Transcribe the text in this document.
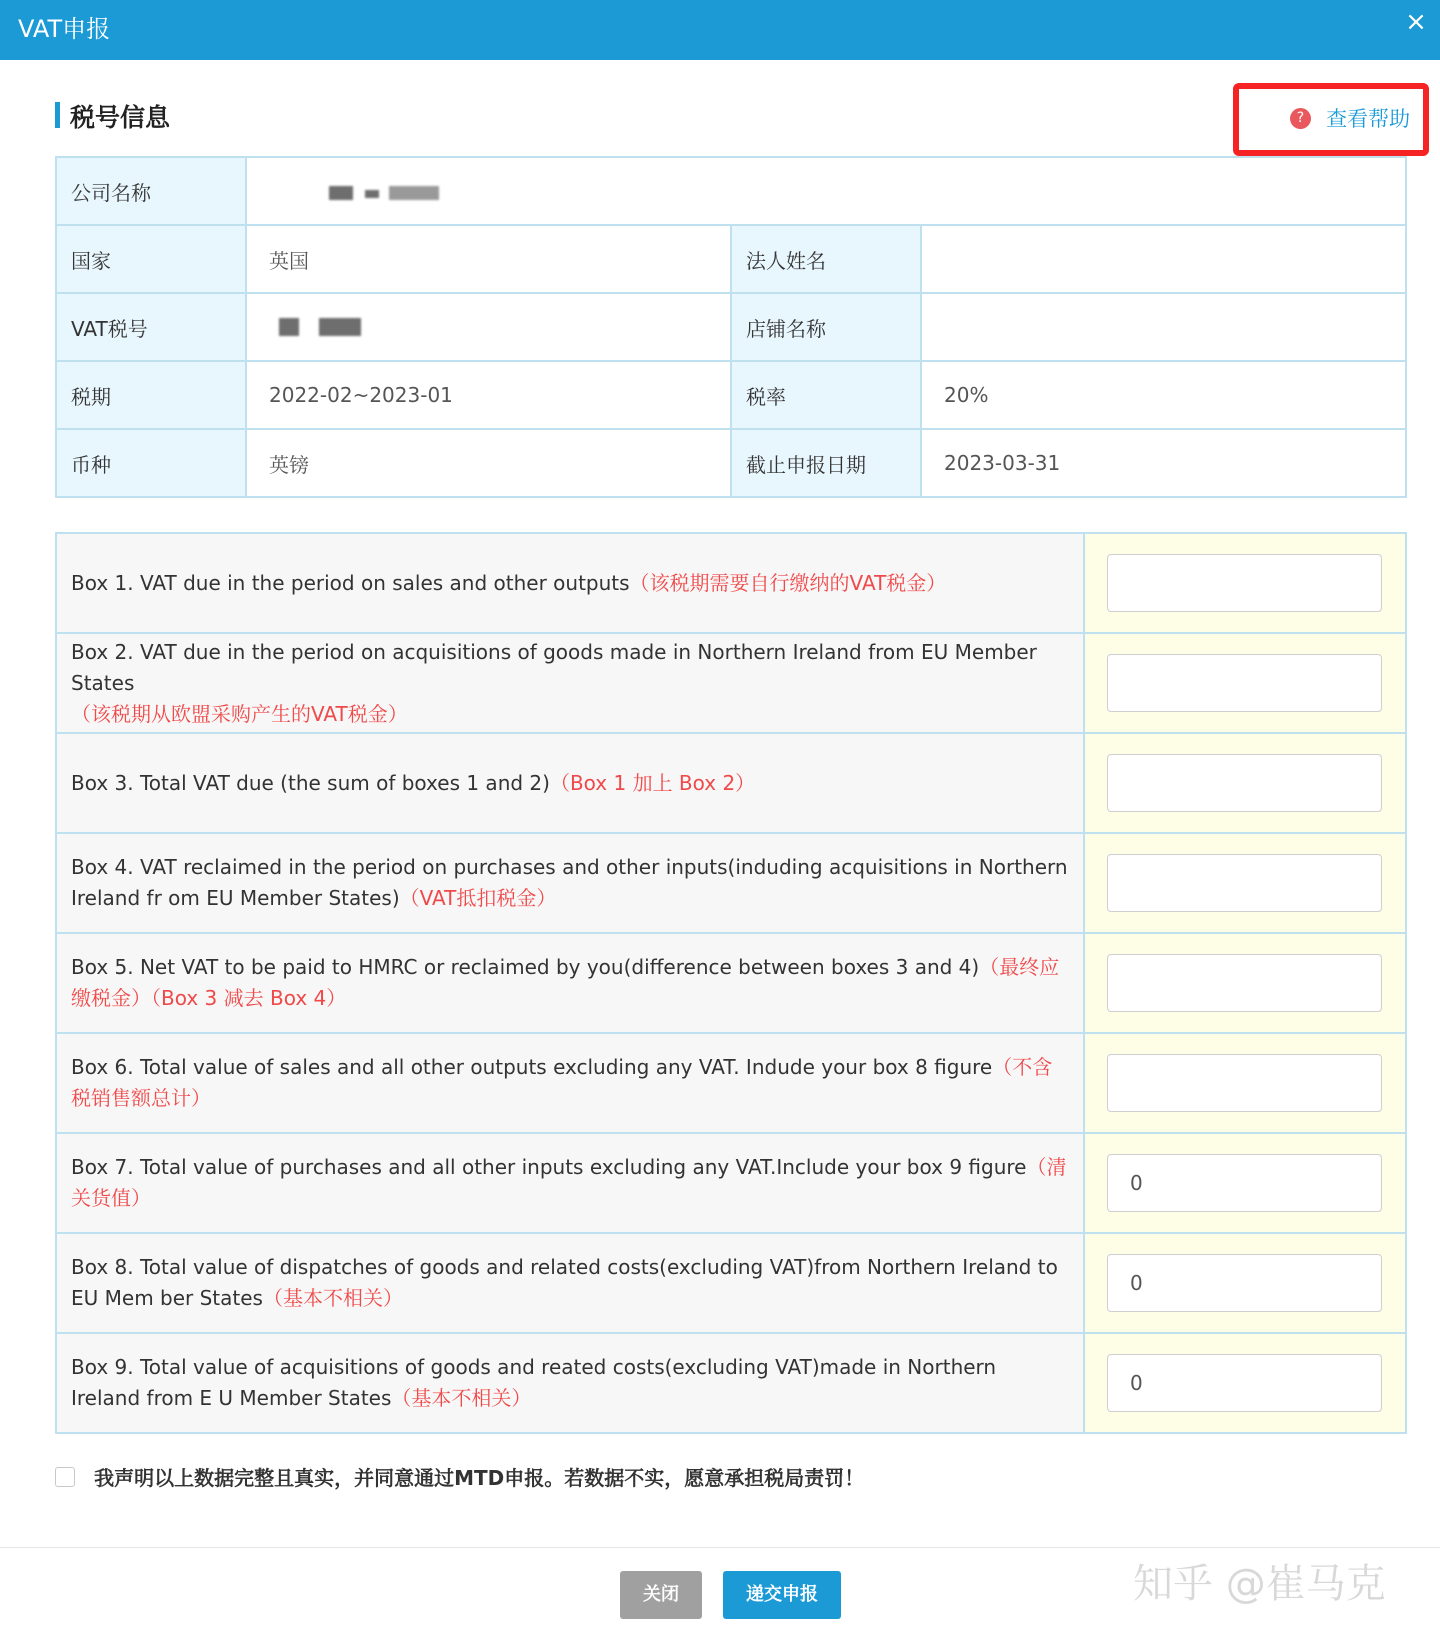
VAT申报	×
税号信息	? 查看帮助
公司名称			

国家	英国	法人姓名	
VAT税号		店铺名称	
税期	2022-02~2023-01	税率	20%
币种	英镑	截止申报日期	2023-03-31
Box 1. VAT due in the period on sales and other outputs（该税期需要自行缴纳的VAT税金）	

Box 2. VAT due in the period on acquisitions of goods made in Northern Ireland from EU Member States
（该税期从欧盟采购产生的VAT税金）	

Box 3. Total VAT due (the sum of boxes 1 and 2)（Box 1 加上 Box 2）	

Box 4. VAT reclaimed in the period on purchases and other inputs(induding acquisitions in Northern Ireland fr om EU Member States)（VAT抵扣税金）	

Box 5. Net VAT to be paid to HMRC or reclaimed by you(difference between boxes 3 and 4)（最终应缴税金）（Box 3 减去 Box 4）	

Box 6. Total value of sales and all other outputs excluding any VAT. Indude your box 8 figure（不含税销售额总计）	

Box 7. Total value of purchases and all other inputs excluding any VAT.Include your box 9 figure（清关货值）	
0
Box 8. Total value of dispatches of goods and related costs(excluding VAT)from Northern Ireland to EU Mem ber States（基本不相关）	
0
Box 9. Total value of acquisitions of goods and reated costs(excluding VAT)made in Northern Ireland from E U Member States（基本不相关）	
0
我声明以上数据完整且真实，并同意通过MTD申报。若数据不实，愿意承担税局责罚！
关闭	递交申报	知乎 @崔马克
